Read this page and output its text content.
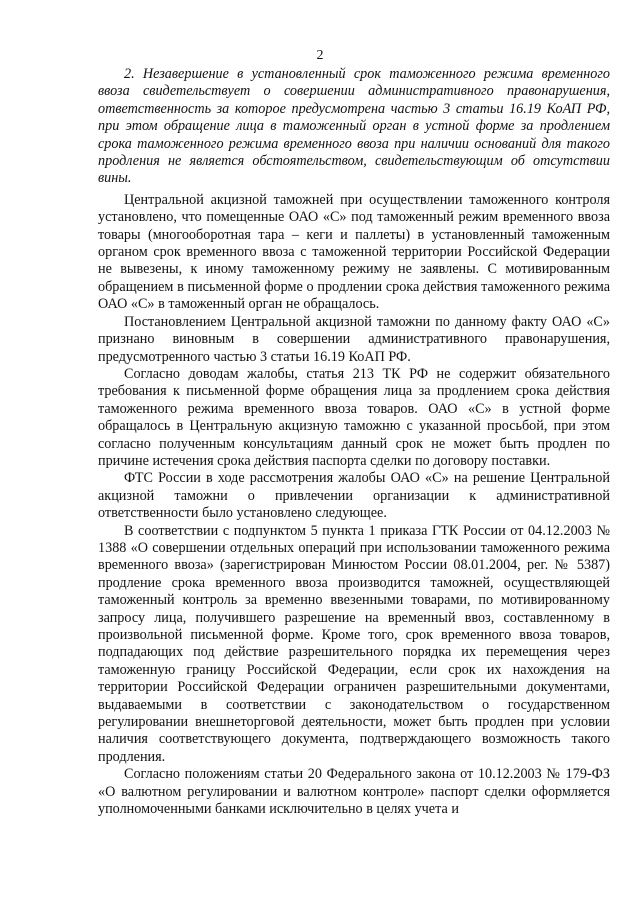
2

2. Незавершение в установленный срок таможенного режима временного ввоза свидетельствует о совершении административного правонарушения, ответственность за которое предусмотрена частью 3 статьи 16.19 КоАП РФ, при этом обращение лица в таможенный орган в устной форме за продлением срока таможенного режима временного ввоза при наличии оснований для такого продления не является обстоятельством, свидетельствующим об отсутствии вины.

Центральной акцизной таможней при осуществлении таможенного контроля установлено, что помещенные ОАО «С» под таможенный режим временного ввоза товары (многооборотная тара – кеги и паллеты) в установленный таможенным органом срок временного ввоза с таможенной территории Российской Федерации не вывезены, к иному таможенному режиму не заявлены. С мотивированным обращением в письменной форме о продлении срока действия таможенного режима ОАО «С» в таможенный орган не обращалось.

Постановлением Центральной акцизной таможни по данному факту ОАО «С» признано виновным в совершении административного правонарушения, предусмотренного частью 3 статьи 16.19 КоАП РФ.

Согласно доводам жалобы, статья 213 ТК РФ не содержит обязательного требования к письменной форме обращения лица за продлением срока действия таможенного режима временного ввоза товаров. ОАО «С» в устной форме обращалось в Центральную акцизную таможню с указанной просьбой, при этом согласно полученным консультациям данный срок не может быть продлен по причине истечения срока действия паспорта сделки по договору поставки.

ФТС России в ходе рассмотрения жалобы ОАО «С» на решение Центральной акцизной таможни о привлечении организации к административной ответственности было установлено следующее.

В соответствии с подпунктом 5 пункта 1 приказа ГТК России от 04.12.2003 № 1388 «О совершении отдельных операций при использовании таможенного режима временного ввоза» (зарегистрирован Минюстом России 08.01.2004, рег. № 5387) продление срока временного ввоза производится таможней, осуществляющей таможенный контроль за временно ввезенными товарами, по мотивированному запросу лица, получившего разрешение на временный ввоз, составленному в произвольной письменной форме. Кроме того, срок временного ввоза товаров, подпадающих под действие разрешительного порядка их перемещения через таможенную границу Российской Федерации, если срок их нахождения на территории Российской Федерации ограничен разрешительными документами, выдаваемыми в соответствии с законодательством о государственном регулировании внешнеторговой деятельности, может быть продлен при условии наличия соответствующего документа, подтверждающего возможность такого продления.

Согласно положениям статьи 20 Федерального закона от 10.12.2003 № 179-ФЗ «О валютном регулировании и валютном контроле» паспорт сделки оформляется уполномоченными банками исключительно в целях учета и
